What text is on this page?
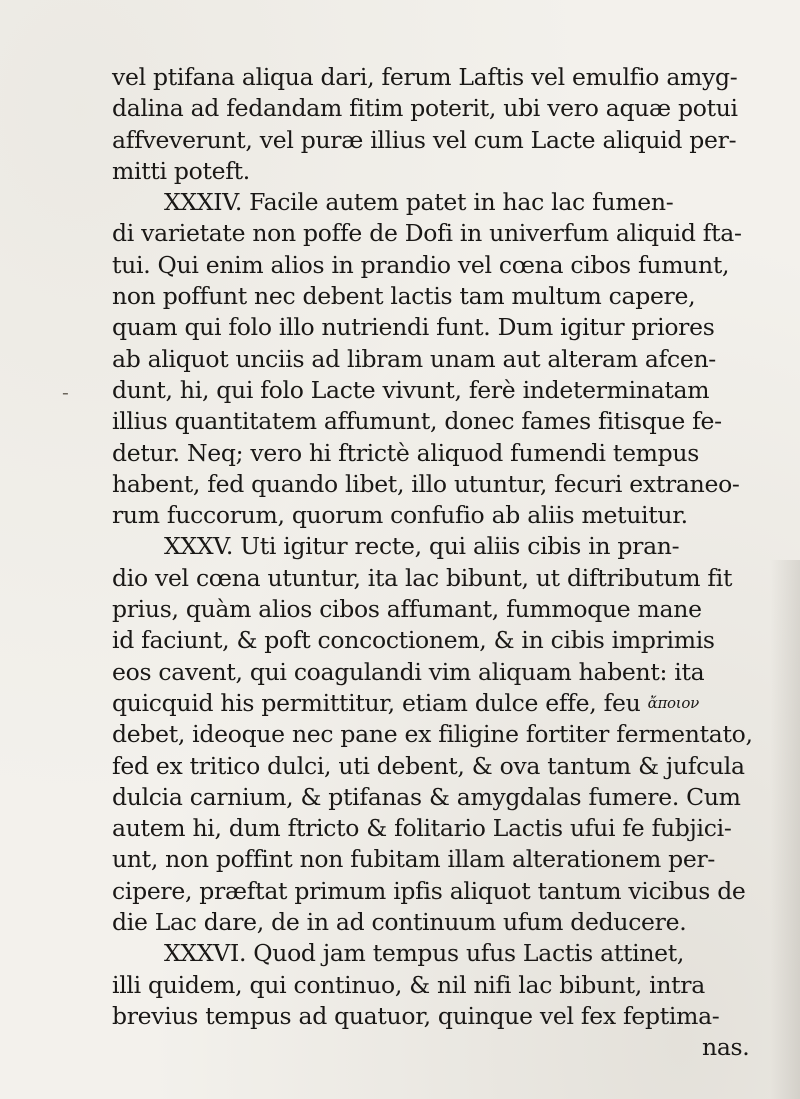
-
vel ptifana aliqua dari, ferum Laftis vel emulfio amyg-
dalina ad fedandam fitim poterit, ubi vero aquæ potui
affveverunt, vel puræ illius vel cum Lacte aliquid per-
mitti poteft.
XXXIV. Facile autem patet in hac lac fumen-
di varietate non poffe de Dofi in univerfum aliquid fta-
tui. Qui enim alios in prandio vel cœna cibos fumunt,
non poffunt nec debent lactis tam multum capere,
quam qui folo illo nutriendi funt. Dum igitur priores
ab aliquot unciis ad libram unam aut alteram afcen-
dunt, hi, qui folo Lacte vivunt, ferè indeterminatam
illius quantitatem affumunt, donec fames fitisque fe-
detur. Neq; vero hi ftrictè aliquod fumendi tempus
habent, fed quando libet, illo utuntur, fecuri extraneo-
rum fuccorum, quorum confufio ab aliis metuitur.
XXXV. Uti igitur recte, qui aliis cibis in pran-
dio vel cœna utuntur, ita lac bibunt, ut diftributum fit
prius, quàm alios cibos affumant, fummoque mane
id faciunt, & poft concoctionem, & in cibis imprimis
eos cavent, qui coagulandi vim aliquam habent: ita
quicquid his permittitur, etiam dulce effe, feu ἄποιον
debet, ideoque nec pane ex filigine fortiter fermentato,
fed ex tritico dulci, uti debent, & ova tantum & jufcula
dulcia carnium, & ptifanas & amygdalas fumere. Cum
autem hi, dum ftricto & folitario Lactis ufui fe fubjici-
unt, non poffint non fubitam illam alterationem per-
cipere, præftat primum ipfis aliquot tantum vicibus de
die Lac dare, de in ad continuum ufum deducere.
XXXVI. Quod jam tempus ufus Lactis attinet,
illi quidem, qui continuo, & nil nifi lac bibunt, intra
brevius tempus ad quatuor, quinque vel fex feptima-
nas.
